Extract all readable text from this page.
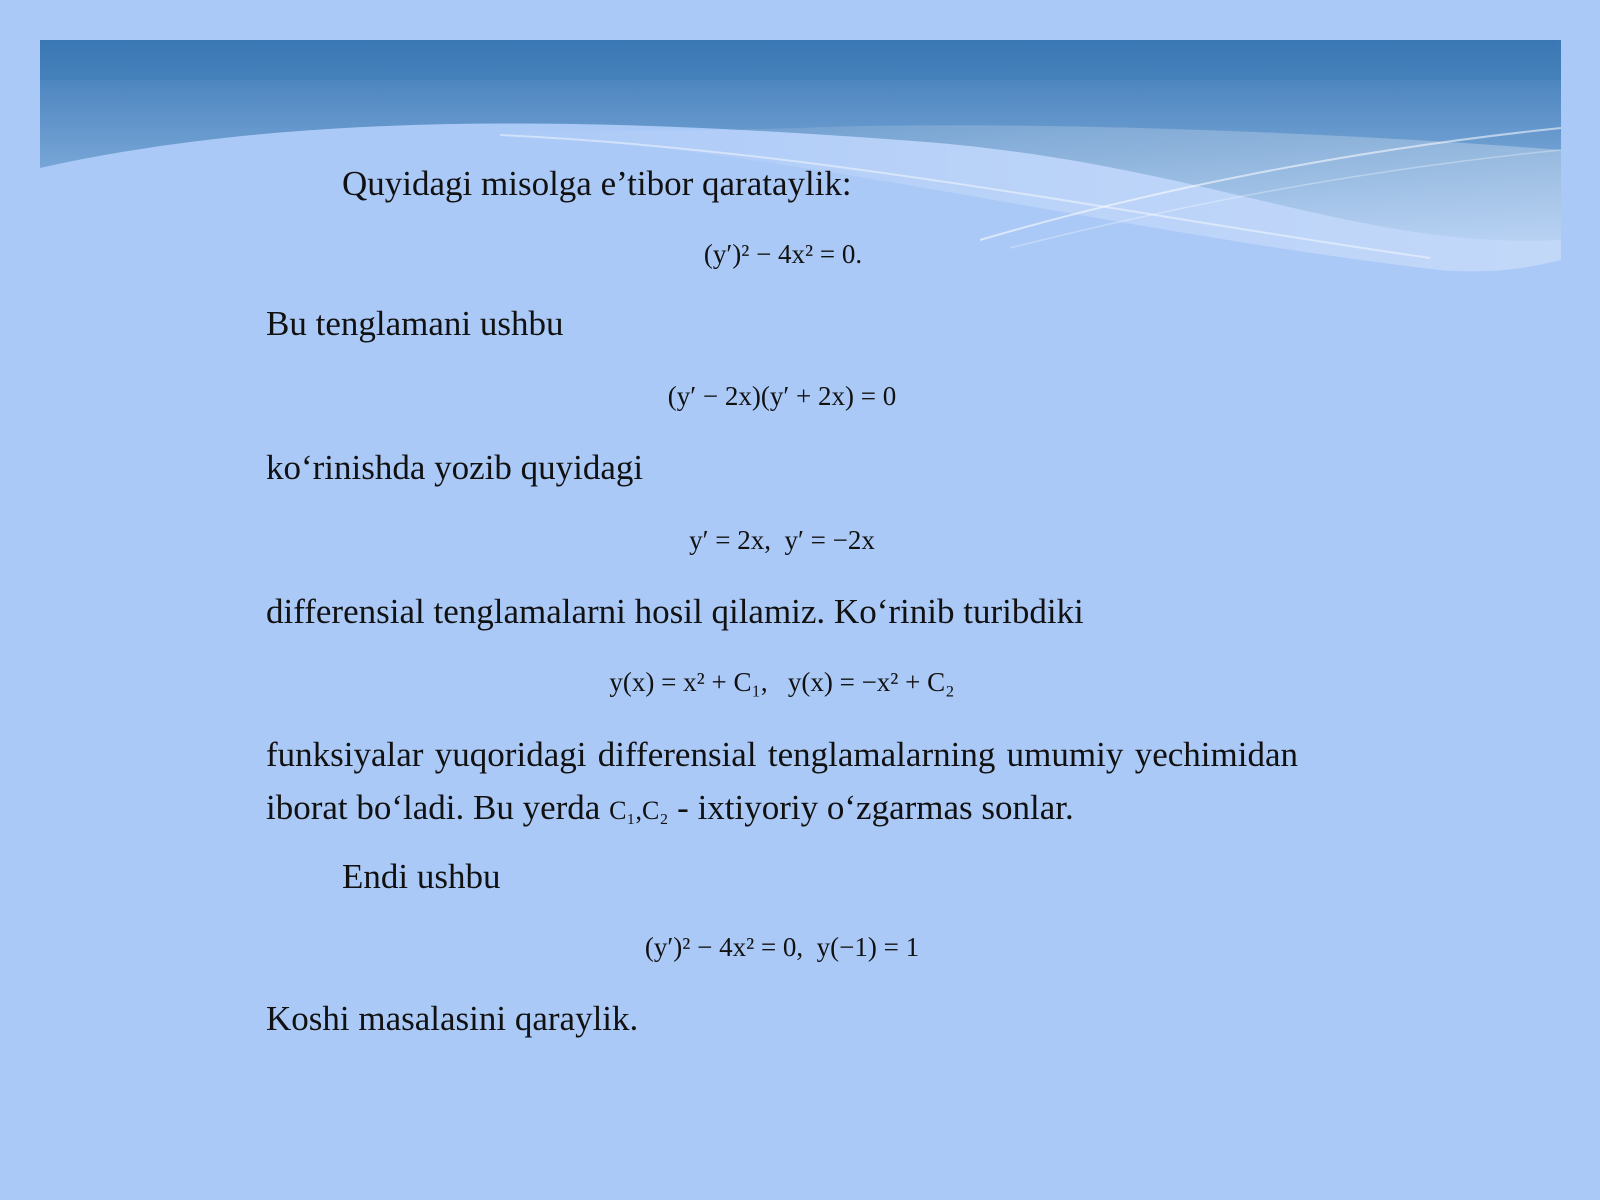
Quyidagi misolga e’tibor qarataylik:

(y′)² − 4x² = 0.

Bu tenglamani ushbu

(y′ − 2x)(y′ + 2x) = 0

ko‘rinishda yozib quyidagi

y′ = 2x,  y′ = −2x

differensial tenglamalarni hosil qilamiz. Ko‘rinib turibdiki

y(x) = x² + C₁,   y(x) = −x² + C₂

funksiyalar yuqoridagi differensial tenglamalarning umumiy yechimidan iborat bo‘ladi. Bu yerda C₁,C₂ - ixtiyoriy o‘zgarmas sonlar.

Endi ushbu

(y′)² − 4x² = 0,  y(−1) = 1

Koshi masalasini qaraylik.
